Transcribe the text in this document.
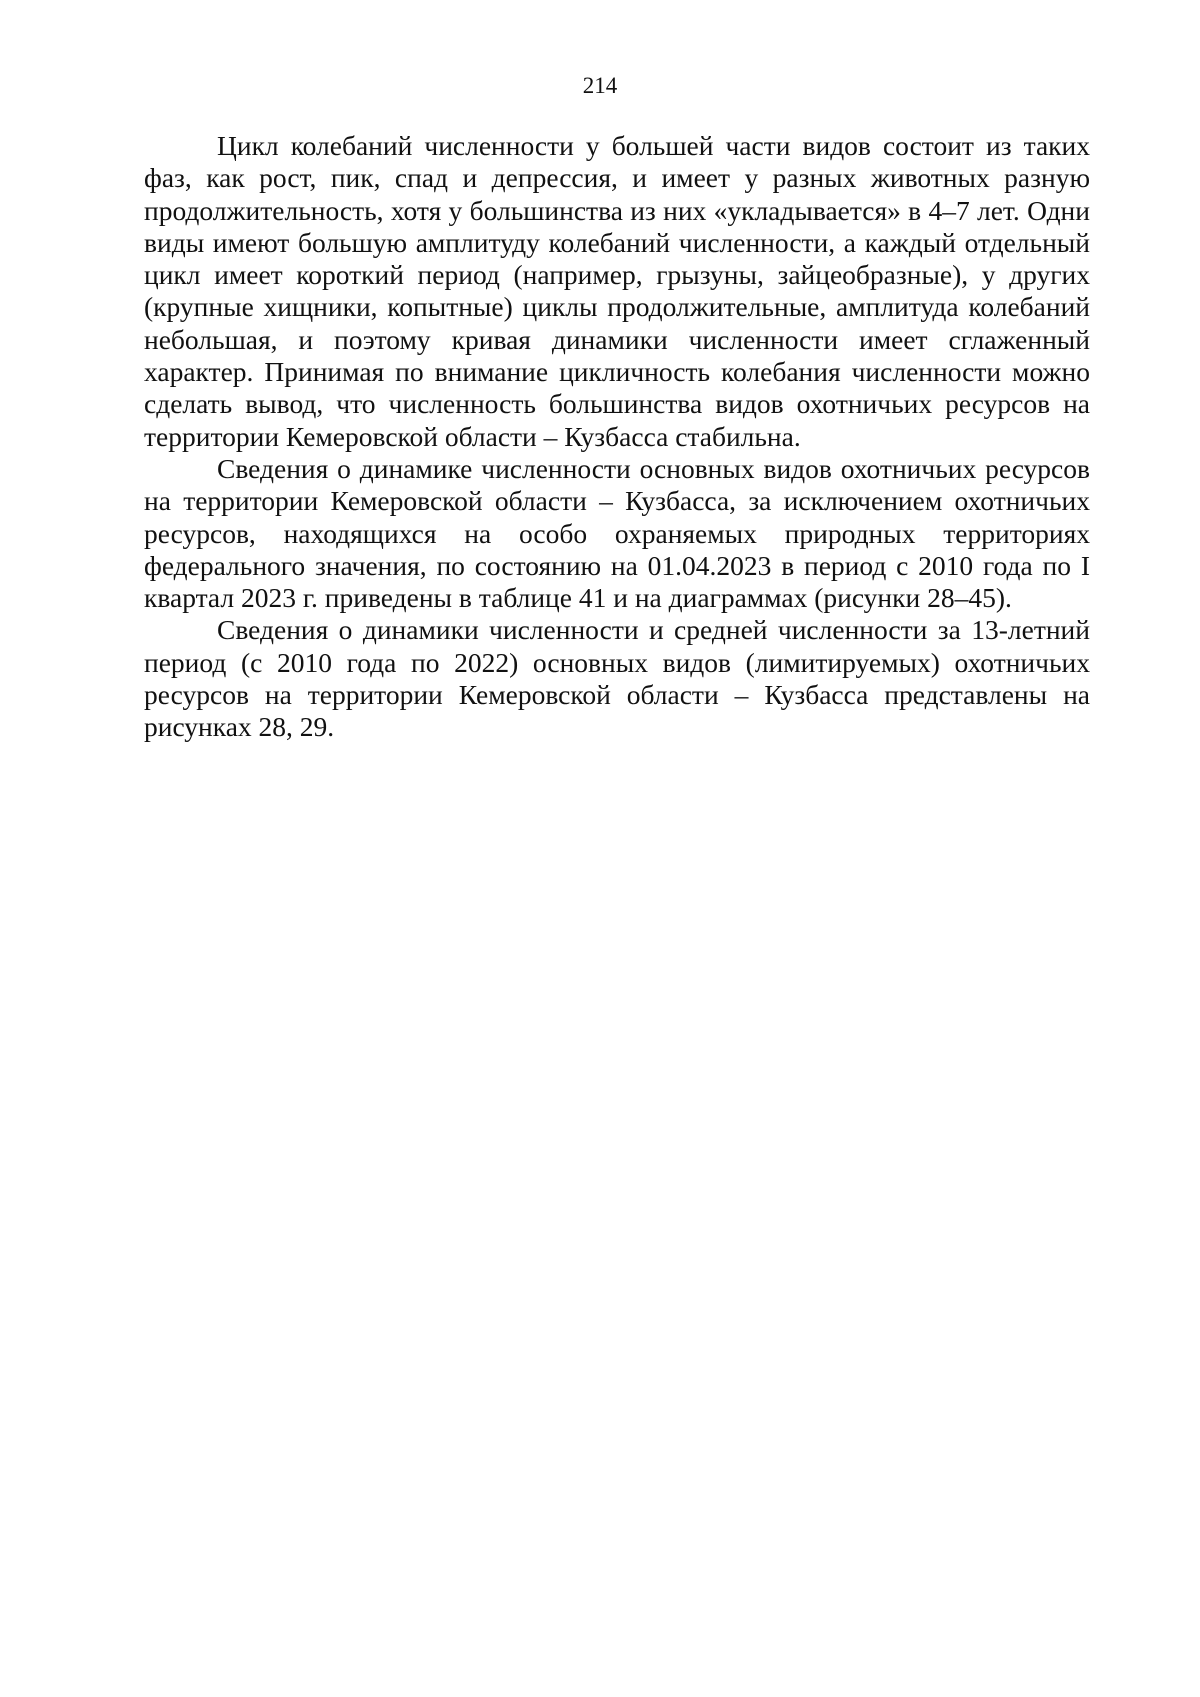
214

Цикл колебаний численности у большей части видов состоит из таких фаз, как рост, пик, спад и депрессия, и имеет у разных животных разную продолжительность, хотя у большинства из них «укладывается» в 4–7 лет. Одни виды имеют большую амплитуду колебаний численности, а каждый отдельный цикл имеет короткий период (например, грызуны, зайцеобразные), у других (крупные хищники, копытные) циклы продолжительные, амплитуда колебаний небольшая, и поэтому кривая динамики численности имеет сглаженный характер. Принимая по внимание цикличность колебания численности можно сделать вывод, что численность большинства видов охотничьих ресурсов на территории Кемеровской области – Кузбасса стабильна.

Сведения о динамике численности основных видов охотничьих ресурсов на территории Кемеровской области – Кузбасса, за исключением охотничьих ресурсов, находящихся на особо охраняемых природных территориях федерального значения, по состоянию на 01.04.2023 в период с 2010 года по I квартал 2023 г. приведены в таблице 41 и на диаграммах (рисунки 28–45).

Сведения о динамики численности и средней численности за 13-летний период (с 2010 года по 2022) основных видов (лимитируемых) охотничьих ресурсов на территории Кемеровской области – Кузбасса представлены на рисунках 28, 29.
